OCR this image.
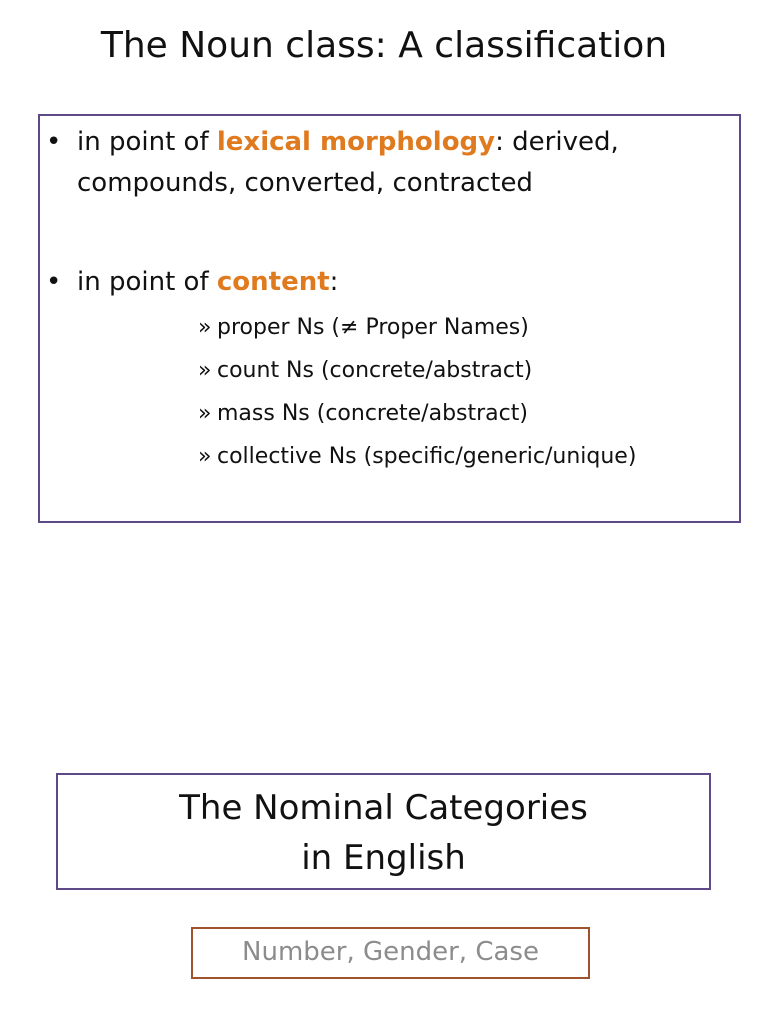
The Noun class: A classification
• in point of lexical morphology: derived, compounds, converted, contracted
• in point of content:
» proper Ns (≠ Proper Names)
» count Ns (concrete/abstract)
» mass Ns (concrete/abstract)
» collective Ns (specific/generic/unique)
The Nominal Categories
in English
Number, Gender, Case
